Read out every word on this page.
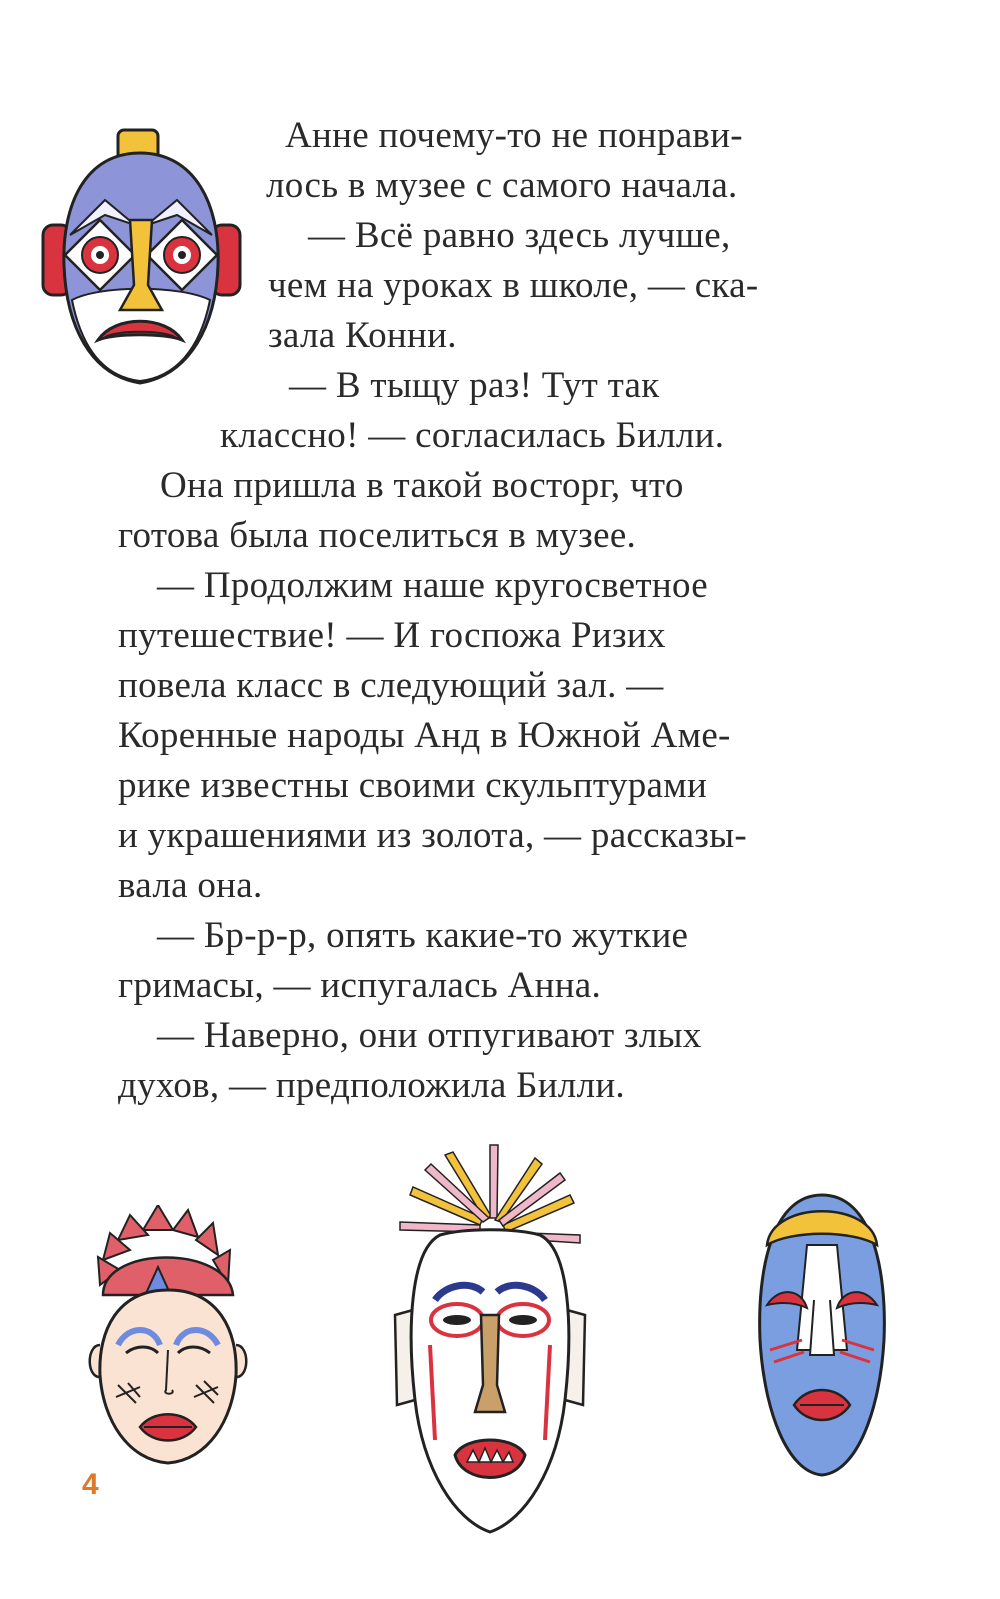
Анне почему-то не понрави-
лось в музее с самого начала.
— Всё равно здесь лучше,
чем на уроках в школе, — ска-
зала Конни.
— В тыщу раз! Тут так
классно! — согласилась Билли.
Она пришла в такой восторг, что
готова была поселиться в музее.
— Продолжим наше кругосветное
путешествие! — И госпожа Ризих
повела класс в следующий зал. —
Коренные народы Анд в Южной Аме-
рике известны своими скульптурами
и украшениями из золота, — рассказы-
вала она.
— Бр-р-р, опять какие-то жуткие
гримасы, — испугалась Анна.
— Наверно, они отпугивают злых
духов, — предположила Билли.
4
